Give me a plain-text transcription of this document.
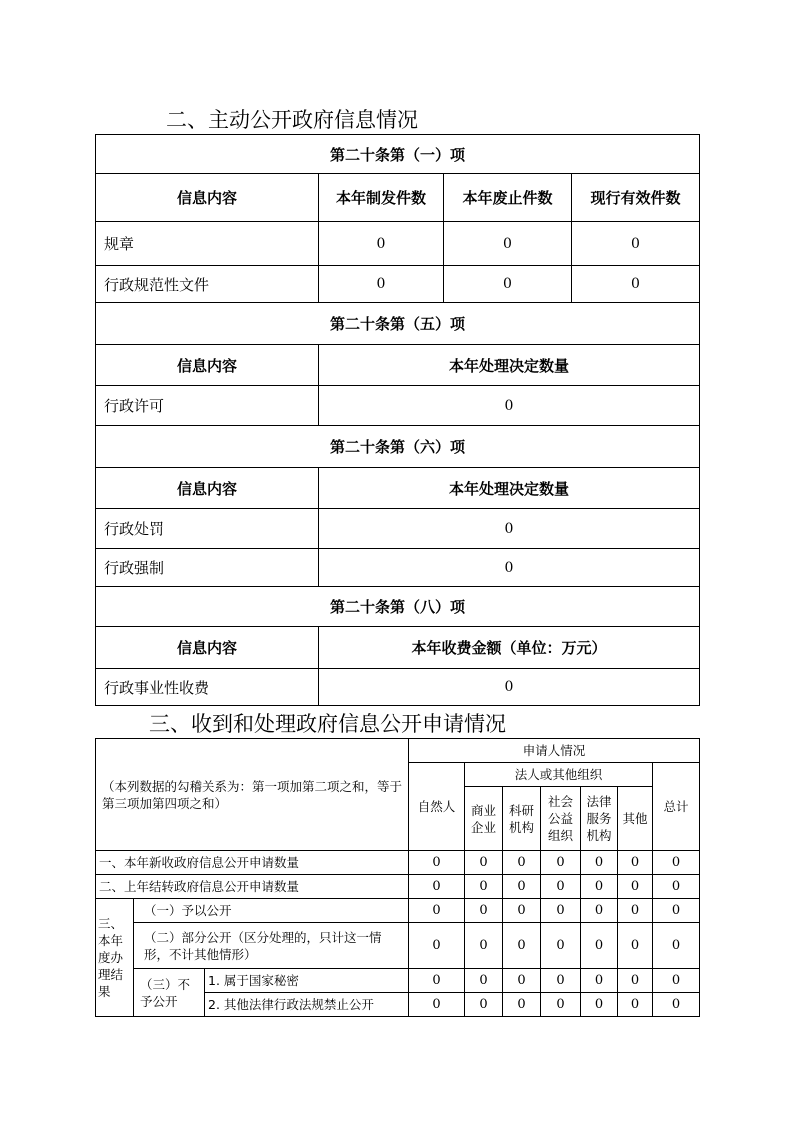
二、主动公开政府信息情况
第二十条第（一）项			
信息内容	本年制发件数	本年废止件数	现行有效件数
规章	0	0	0
行政规范性文件	0	0	0
第二十条第（五）项			
信息内容	本年处理决定数量		
行政许可	0		
第二十条第（六）项			
信息内容	本年处理决定数量		
行政处罚	0		
行政强制	0		
第二十条第（八）项			
信息内容	本年收费金额（单位：万元）		
行政事业性收费	0		
三、收到和处理政府信息公开申请情况
（本列数据的勾稽关系为：第一项加第二项之和，等于第三项加第四项之和）			申请人情况						
			自然人	法人或其他组织					总计
				商业企业	科研机构	社会公益组织	法律服务机构	其他	
一、本年新收政府信息公开申请数量			0	0	0	0	0	0	0
二、上年结转政府信息公开申请数量			0	0	0	0	0	0	0
三、本年度办理结果	（一）予以公开		0	0	0	0	0	0	0
	（二）部分公开（区分处理的，只计这一情形，不计其他情形）		0	0	0	0	0	0	0
	（三）不予公开	1. 属于国家秘密	0	0	0	0	0	0	0
		2. 其他法律行政法规禁止公开	0	0	0	0	0	0	0
